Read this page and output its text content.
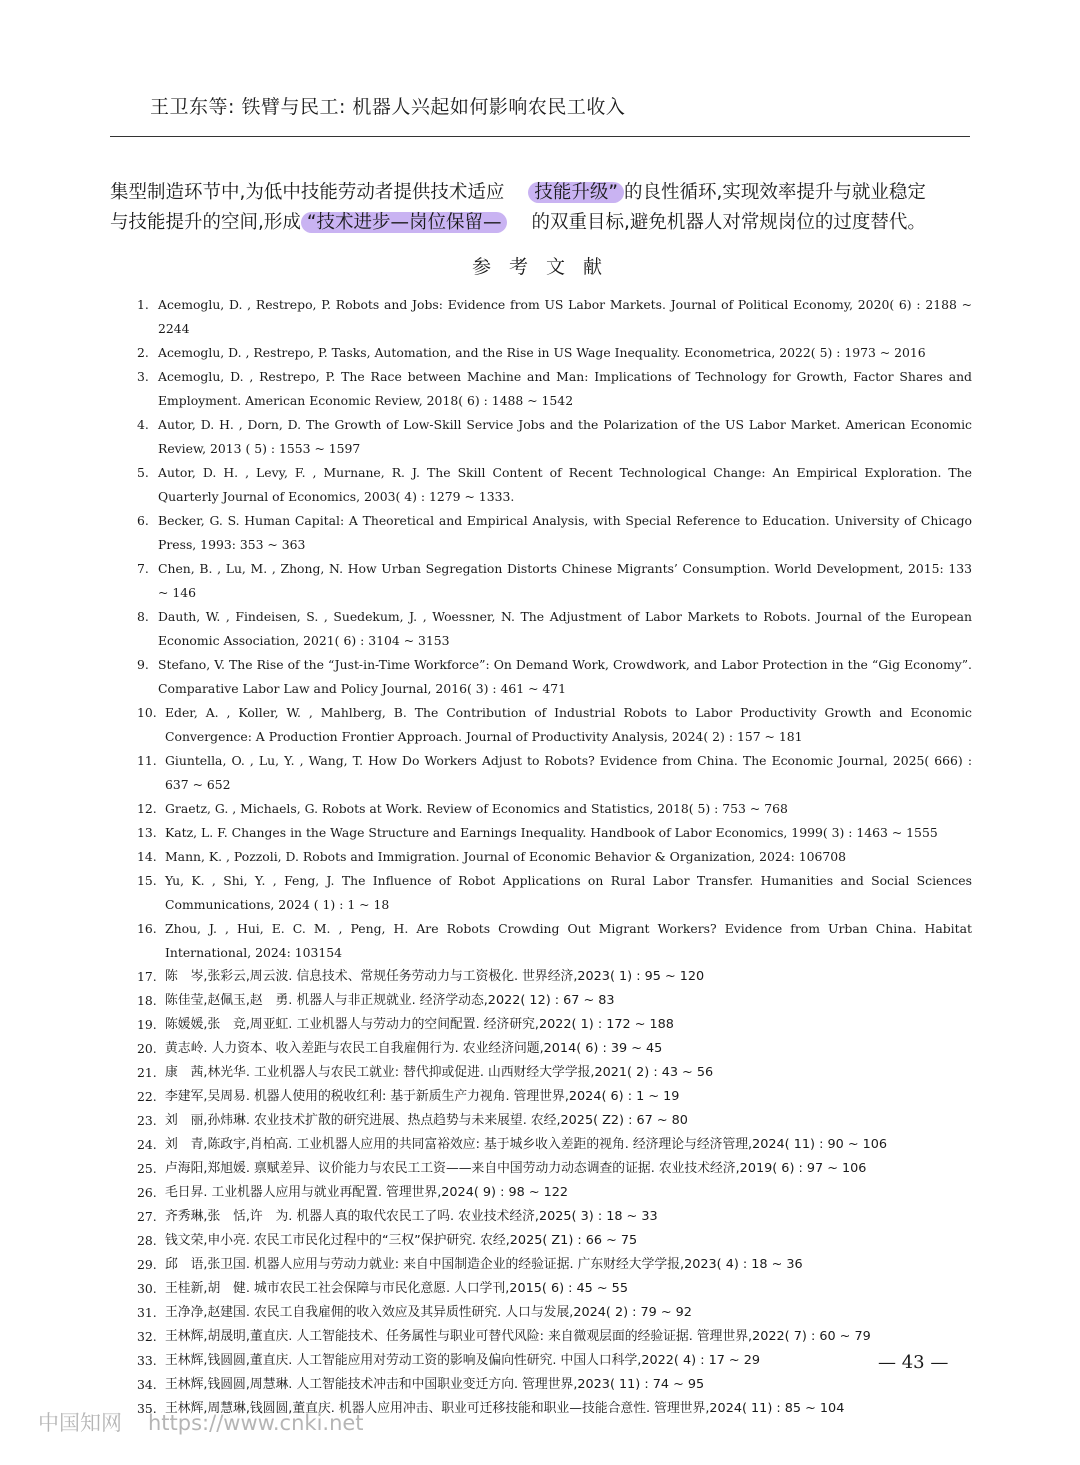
王卫东等: 铁臂与民工: 机器人兴起如何影响农民工收入
集型制造环节中,为低中技能劳动者提供技术适应 技能升级” 的良性循环,实现效率提升与就业稳定
与技能提升的空间,形成 “技术进步—岗位保留— 的双重目标,避免机器人对常规岗位的过度替代。
参 考 文 献
1. Acemoglu, D. , Restrepo, P. Robots and Jobs: Evidence from US Labor Markets. Journal of Political Economy, 2020( 6) : 2188 ~ 2244
2. Acemoglu, D. , Restrepo, P. Tasks, Automation, and the Rise in US Wage Inequality. Econometrica, 2022( 5) : 1973 ~ 2016
3. Acemoglu, D. , Restrepo, P. The Race between Machine and Man: Implications of Technology for Growth, Factor Shares and Employment. American Economic Review, 2018( 6) : 1488 ~ 1542
4. Autor, D. H. , Dorn, D. The Growth of Low-Skill Service Jobs and the Polarization of the US Labor Market. American Economic Review, 2013 ( 5) : 1553 ~ 1597
5. Autor, D. H. , Levy, F. , Murnane, R. J. The Skill Content of Recent Technological Change: An Empirical Exploration. The Quarterly Journal of Economics, 2003( 4) : 1279 ~ 1333.
6. Becker, G. S. Human Capital: A Theoretical and Empirical Analysis, with Special Reference to Education. University of Chicago Press, 1993: 353 ~ 363
7. Chen, B. , Lu, M. , Zhong, N. How Urban Segregation Distorts Chinese Migrants’ Consumption. World Development, 2015: 133 ~ 146
8. Dauth, W. , Findeisen, S. , Suedekum, J. , Woessner, N. The Adjustment of Labor Markets to Robots. Journal of the European Economic Association, 2021( 6) : 3104 ~ 3153
9. Stefano, V. The Rise of the “Just-in-Time Workforce”: On Demand Work, Crowdwork, and Labor Protection in the “Gig Economy”. Comparative Labor Law and Policy Journal, 2016( 3) : 461 ~ 471
10. Eder, A. , Koller, W. , Mahlberg, B. The Contribution of Industrial Robots to Labor Productivity Growth and Economic Convergence: A Production Frontier Approach. Journal of Productivity Analysis, 2024( 2) : 157 ~ 181
11. Giuntella, O. , Lu, Y. , Wang, T. How Do Workers Adjust to Robots? Evidence from China. The Economic Journal, 2025( 666) : 637 ~ 652
12. Graetz, G. , Michaels, G. Robots at Work. Review of Economics and Statistics, 2018( 5) : 753 ~ 768
13. Katz, L. F. Changes in the Wage Structure and Earnings Inequality. Handbook of Labor Economics, 1999( 3) : 1463 ~ 1555
14. Mann, K. , Pozzoli, D. Robots and Immigration. Journal of Economic Behavior & Organization, 2024: 106708
15. Yu, K. , Shi, Y. , Feng, J. The Influence of Robot Applications on Rural Labor Transfer. Humanities and Social Sciences Communications, 2024 ( 1) : 1 ~ 18
16. Zhou, J. , Hui, E. C. M. , Peng, H. Are Robots Crowding Out Migrant Workers? Evidence from Urban China. Habitat International, 2024: 103154
17. 陈　岑,张彩云,周云波. 信息技术、常规任务劳动力与工资极化. 世界经济,2023( 1) : 95 ~ 120
18. 陈佳莹,赵佩玉,赵　勇. 机器人与非正规就业. 经济学动态,2022( 12) : 67 ~ 83
19. 陈媛媛,张　竞,周亚虹. 工业机器人与劳动力的空间配置. 经济研究,2022( 1) : 172 ~ 188
20. 黄志岭. 人力资本、收入差距与农民工自我雇佣行为. 农业经济问题,2014( 6) : 39 ~ 45
21. 康　茜,林光华. 工业机器人与农民工就业: 替代抑或促进. 山西财经大学学报,2021( 2) : 43 ~ 56
22. 李建军,吴周易. 机器人使用的税收红利: 基于新质生产力视角. 管理世界,2024( 6) : 1 ~ 19
23. 刘　丽,孙炜琳. 农业技术扩散的研究进展、热点趋势与未来展望. 农经,2025( Z2) : 67 ~ 80
24. 刘　青,陈政宇,肖柏高. 工业机器人应用的共同富裕效应: 基于城乡收入差距的视角. 经济理论与经济管理,2024( 11) : 90 ~ 106
25. 卢海阳,郑旭媛. 禀赋差异、议价能力与农民工工资——来自中国劳动力动态调查的证据. 农业技术经济,2019( 6) : 97 ~ 106
26. 毛日昇. 工业机器人应用与就业再配置. 管理世界,2024( 9) : 98 ~ 122
27. 齐秀琳,张　恬,许　为. 机器人真的取代农民工了吗. 农业技术经济,2025( 3) : 18 ~ 33
28. 钱文荣,申小亮. 农民工市民化过程中的“三权”保护研究. 农经,2025( Z1) : 66 ~ 75
29. 邱　语,张卫国. 机器人应用与劳动力就业: 来自中国制造企业的经验证据. 广东财经大学学报,2023( 4) : 18 ~ 36
30. 王桂新,胡　健. 城市农民工社会保障与市民化意愿. 人口学刊,2015( 6) : 45 ~ 55
31. 王净净,赵建国. 农民工自我雇佣的收入效应及其异质性研究. 人口与发展,2024( 2) : 79 ~ 92
32. 王林辉,胡晟明,董直庆. 人工智能技术、任务属性与职业可替代风险: 来自微观层面的经验证据. 管理世界,2022( 7) : 60 ~ 79
33. 王林辉,钱圆圆,董直庆. 人工智能应用对劳动工资的影响及偏向性研究. 中国人口科学,2022( 4) : 17 ~ 29
34. 王林辉,钱圆圆,周慧琳. 人工智能技术冲击和中国职业变迁方向. 管理世界,2023( 11) : 74 ~ 95
35. 王林辉,周慧琳,钱圆圆,董直庆. 机器人应用冲击、职业可迁移技能和职业—技能合意性. 管理世界,2024( 11) : 85 ~ 104
— 43 —
中国知网 https://www.cnki.net
